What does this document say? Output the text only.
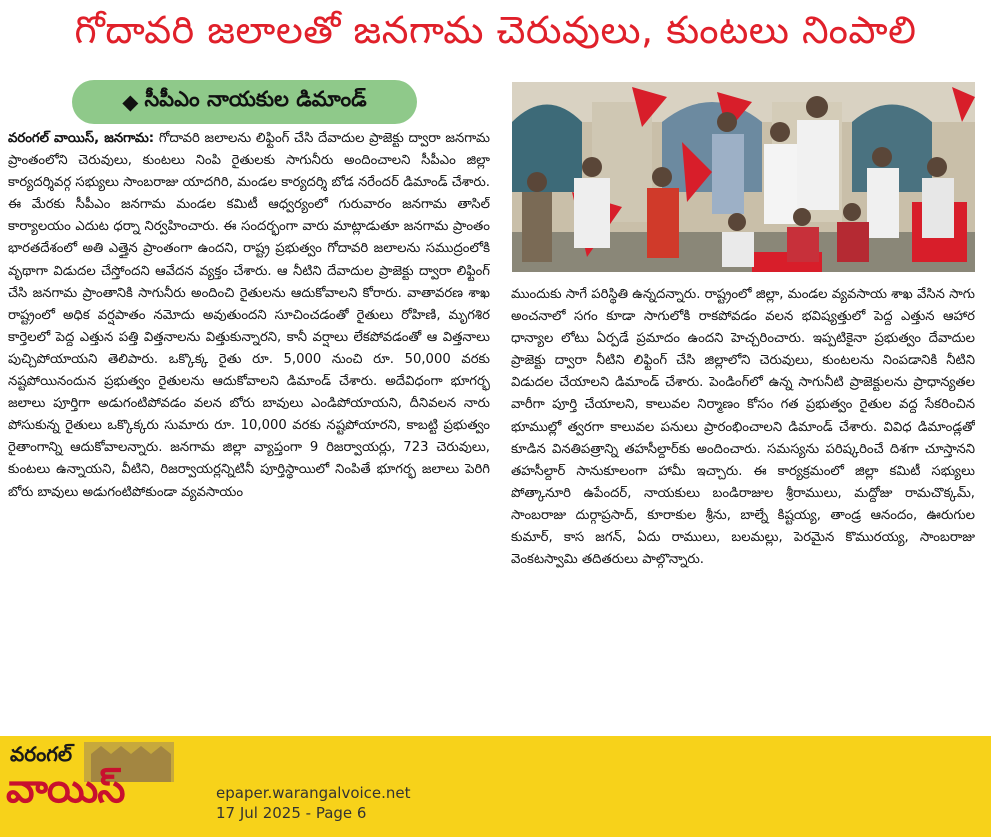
గోదావరి జలాలతో జనగామ చెరువులు, కుంటలు నింపాలి
◆ సీపీఎం నాయకుల డిమాండ్
వరంగల్ వాయిస్, జనగామ: గోదావరి జలాలను లిఫ్టింగ్ చేసి దేవాదుల ప్రాజెక్టు ద్వారా జనగామ ప్రాంతంలోని చెరువులు, కుంటలు నింపి రైతులకు సాగునీరు అందించాలని సీపీఎం జిల్లా కార్యదర్శివర్గ సభ్యులు సాంబరాజు యాదగిరి, మండల కార్యదర్శి బోడ నరేందర్ డిమాండ్ చేశారు. ఈ మేరకు సీపీఎం జనగామ మండల కమిటీ ఆధ్వర్యంలో గురువారం జనగామ తాసిల్ కార్యాలయం ఎదుట ధర్నా నిర్వహించారు. ఈ సందర్భంగా వారు మాట్లాడుతూ జనగామ ప్రాంతం భారతదేశంలో అతి ఎత్తైన ప్రాంతంగా ఉందని, రాష్ట్ర ప్రభుత్వం గోదావరి జలాలను సముద్రంలోకి వృథాగా విడుదల చేస్తోందని ఆవేదన వ్యక్తం చేశారు. ఆ నీటిని దేవాదుల ప్రాజెక్టు ద్వారా లిఫ్టింగ్ చేసి జనగామ ప్రాంతానికి సాగునీరు అందించి రైతులను ఆదుకోవాలని కోరారు. వాతావరణ శాఖ రాష్ట్రంలో అధిక వర్షపాతం నమోదు అవుతుందని సూచించడంతో రైతులు రోహిణి, మృగశిర కార్తెలలో పెద్ద ఎత్తున పత్తి విత్తనాలను విత్తుకున్నారని, కానీ వర్షాలు లేకపోవడంతో ఆ విత్తనాలు పుచ్చిపోయాయని తెలిపారు. ఒక్కొక్క రైతు రూ. 5,000 నుంచి రూ. 50,000 వరకు నష్టపోయినందున ప్రభుత్వం రైతులను ఆదుకోవాలని డిమాండ్ చేశారు. అదేవిధంగా భూగర్భ జలాలు పూర్తిగా అడుగంటిపోవడం వలన బోరు బావులు ఎండిపోయాయని, దీనివలన నారు పోసుకున్న రైతులు ఒక్కొక్కరు సుమారు రూ. 10,000 వరకు నష్టపోయారని, కాబట్టి ప్రభుత్వం రైతాంగాన్ని ఆదుకోవాలన్నారు. జనగామ జిల్లా వ్యాప్తంగా 9 రిజర్వాయర్లు, 723 చెరువులు, కుంటలు ఉన్నాయని, వీటిని, రిజర్వాయర్లన్నిటినీ పూర్తిస్థాయిలో నింపితే భూగర్భ జలాలు పెరిగి బోరు బావులు అడుగంటిపోకుండా వ్యవసాయం
ముందుకు సాగే పరిస్థితి ఉన్నదన్నారు. రాష్ట్రంలో జిల్లా, మండల వ్యవసాయ శాఖ వేసిన సాగు అంచనాలో సగం కూడా సాగులోకి రాకపోవడం వలన భవిష్యత్తులో పెద్ద ఎత్తున ఆహార ధాన్యాల లోటు ఏర్పడే ప్రమాదం ఉందని హెచ్చరించారు. ఇప్పటికైనా ప్రభుత్వం దేవాదుల ప్రాజెక్టు ద్వారా నీటిని లిఫ్టింగ్ చేసి జిల్లాలోని చెరువులు, కుంటలను నింపడానికి నీటిని విడుదల చేయాలని డిమాండ్ చేశారు. పెండింగ్‌లో ఉన్న సాగునీటి ప్రాజెక్టులను ప్రాధాన్యతల వారీగా పూర్తి చేయాలని, కాలువల నిర్మాణం కోసం గత ప్రభుత్వం రైతుల వద్ద సేకరించిన భూముల్లో త్వరగా కాలువల పనులు ప్రారంభించాలని డిమాండ్ చేశారు. వివిధ డిమాండ్లతో కూడిన వినతిపత్రాన్ని తహసీల్దార్‌కు అందించారు. సమస్యను పరిష్కరించే దిశగా చూస్తానని తహసీల్దార్ సానుకూలంగా హామీ ఇచ్చారు. ఈ కార్యక్రమంలో జిల్లా కమిటీ సభ్యులు పోత్కానూరి ఉపేందర్, నాయకులు బండిరాజుల శ్రీరాములు, మద్దోజు రామచొక్కమ్, సాంబరాజు దుర్గాప్రసాద్, కూరాకుల శ్రీను, బాల్నే కిష్టయ్య, తాండ్ర ఆనందం, ఊరుగుల కుమార్, కాస జగన్, ఏదు రాములు, బలమల్లు, పెరమైన కొమురయ్య, సాంబరాజు వెంకటస్వామి తదితరులు పాల్గొన్నారు.
వరంగల్
వాయిస్	epaper.warangalvoice.net
17 Jul 2025 - Page 6
